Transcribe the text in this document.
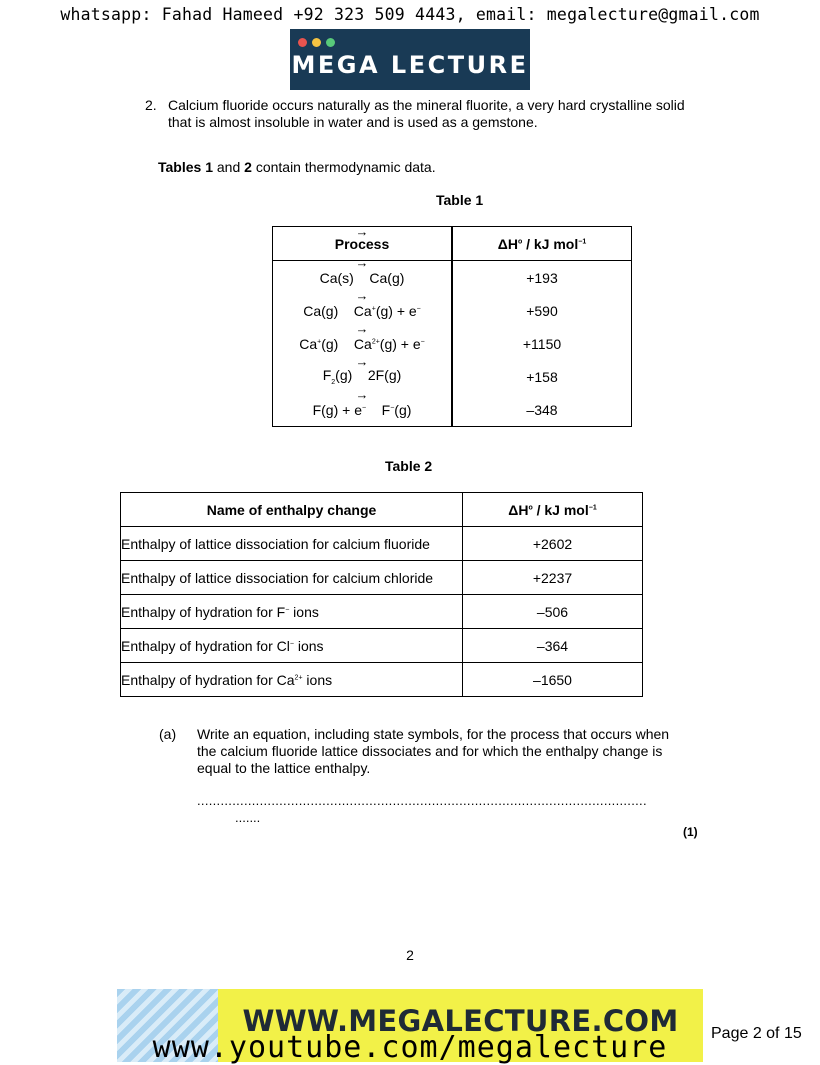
whatsapp: Fahad Hameed +92 323 509 4443, email: megalecture@gmail.com
MEGA LECTURE
2. Calcium fluoride occurs naturally as the mineral fluorite, a very hard crystalline solid that is almost insoluble in water and is used as a gemstone.
Tables 1 and 2 contain thermodynamic data.
Table 1
→
Process	$\Delta H^o$ / kJ mol$^{-1}$

→
Ca(s) Ca(g)	+193

→
Ca(g)    Ca+(g) + e−	+590

→
Ca+(g)    $Ca^{2+}(g) + e^-$	+1150

→
$F_2(g)$    2F(g)	+158

→
F(g) + e−    F−(g)	–348
Table 2
Name of enthalpy change	$\Delta H^o$ / kJ mol$^{-1}$
Enthalpy of lattice dissociation for calcium fluoride	+2602
Enthalpy of lattice dissociation for calcium chloride	+2237
Enthalpy of hydration for F− ions	–506
Enthalpy of hydration for Cl− ions	–364
Enthalpy of hydration for $Ca^{2+}$ ions	–1650
(a) Write an equation, including state symbols, for the process that occurs when the calcium fluoride lattice dissociates and for which the enthalpy change is equal to the lattice enthalpy.
...................................................................................................................
.......
(1)
2
WWW.MEGALECTURE.COM
www.youtube.com/megalecture	Page 2 of 15
